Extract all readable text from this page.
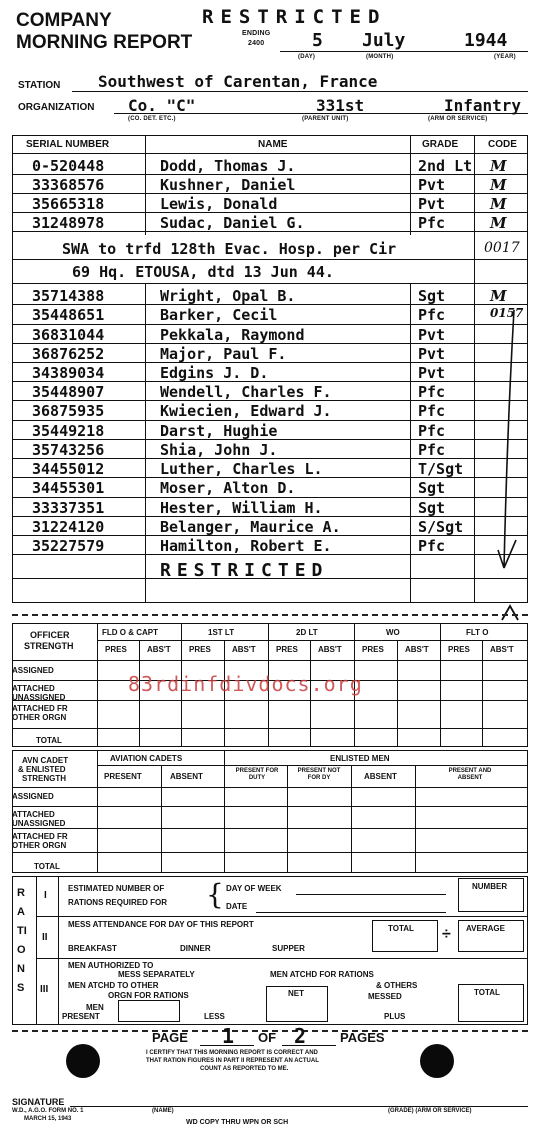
COMPANY
MORNING REPORT
RESTRICTED
ENDING
2400	5 July	1944
(DAY)	(MONTH)	(YEAR)
STATION Southwest of Carentan, France
ORGANIZATION Co. "C"	331st	Infantry
(CO. DET. ETC.)	(PARENT UNIT)	(ARM OR SERVICE)
SERIAL NUMBER	NAME	GRADE	CODE
0-520448	Dodd, Thomas J.	2nd Lt M
33368576	Kushner, Daniel	Pvt	M
35665318	Lewis, Donald	Pvt	M
31248978	Sudac, Daniel G.	Pfc	M
SWA to trfd 128th Evac. Hosp. per Cir
69 Hq. ETOUSA, dtd 13 Jun 44.
0017
35714388	Wright, Opal B.	Sgt	M
35448651	Barker, Cecil	Pfc	0157
36831044	Pekkala, Raymond	Pvt
36876252	Major, Paul F.	Pvt
34389034	Edgins J. D.	Pvt
35448907	Wendell, Charles F.	Pfc
36875935	Kwiecien, Edward J.	Pfc
35449218	Darst, Hughie	Pfc
35743256	Shia, John J.	Pfc
34455012	Luther, Charles L.	T/Sgt
34455301	Moser, Alton D.	Sgt
33337351	Hester, William H.	Sgt
31224120	Belanger, Maurice A.	S/Sgt
35227579	Hamilton, Robert E.	Pfc
RESTRICTED
OFFICER
STRENGTH
FLD O & CAPT	1ST LT	2D LT	WO	FLT O
PRES	ABS'T PRES	ABS'T	PRES	ABS'T	PRES	ABS'T PRES	ABS'T
ASSIGNED
ATTACHED UNASSIGNED
ATTACHED FR OTHER ORGN
TOTAL
83rdinfdivdocs.org
AVN CADET
& ENLISTED
STRENGTH
AVIATION CADETS	ENLISTED MEN
PRESENT	ABSENT
PRESENT FOR DUTY
PRESENT NOT FOR DY	ABSENT
PRESENT AND ABSENT
ASSIGNED
ATTACHED UNASSIGNED
ATTACHED FR OTHER ORGN
TOTAL
RATIONS
I
II
III
ESTIMATED NUMBER OF
RATIONS REQUIRED FOR { DAY OF WEEK
DATE
NUMBER
MESS ATTENDANCE FOR DAY OF THIS REPORT
BREAKFAST	DINNER	SUPPER
TOTAL ÷ AVERAGE
MEN AUTHORIZED TO
MESS SEPARATELY	MEN ATCHD FOR RATIONS
MEN ATCHD TO OTHER
ORGN FOR RATIONS
& OTHERS
MESSED
NET	TOTAL
MEN
PRESENT	LESS	PLUS
PAGE 1 OF 2	PAGES
I CERTIFY THAT THIS MORNING REPORT IS CORRECT AND
THAT RATION FIGURES IN PART II REPRESENT AN ACTUAL
COUNT AS REPORTED TO ME.
SIGNATURE
W.D., A.G.O. FORM NO. 1
MARCH 15, 1943
(NAME)	(GRADE) (ARM OR SERVICE)
WD COPY THRU WPN OR SCH
